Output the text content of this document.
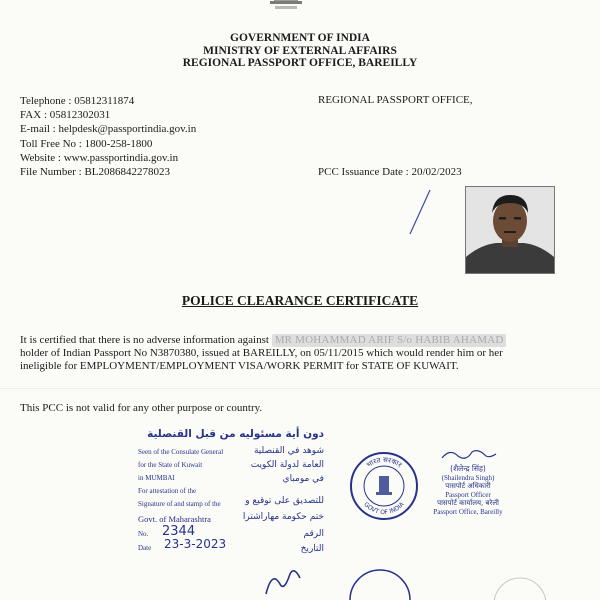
GOVERNMENT OF INDIA
MINISTRY OF EXTERNAL AFFAIRS
REGIONAL PASSPORT OFFICE, BAREILLY
Telephone : 05812311874
FAX : 05812302031
E-mail : helpdesk@passportindia.gov.in
Toll Free No : 1800-258-1800
Website : www.passportindia.gov.in
REGIONAL PASSPORT OFFICE,
File Number : BL2086842278023	PCC Issuance Date : 20/02/2023
POLICE CLEARANCE CERTIFICATE
It is certified that there is no adverse information against MR MOHAMMAD ARIF S/o HABIB AHAMAD
holder of Indian Passport No N3870380, issued at BAREILLY, on 05/11/2015 which would render him or her
ineligible for EMPLOYMENT/EMPLOYMENT VISA/WORK PERMIT for STATE OF KUWAIT.
This PCC is not valid for any other purpose or country.
دون أية مسئوليه من قبل القنصلية
Seen of the Consulate General
for the State of Kuwait
in MUMBAI
For attestation of the
Signature of and stamp of the
Govt. of Maharashtra
شوهد في القنصلية
العامة لدولة الكويت
في مومباي
للتصديق على توقيع و
ختم حكومة مهاراشترا
No. 2344
Date 23-3-2023
الرقم
التاريخ
भारत सरकार
GOVT OF INDIA
(शैलेन्द्र सिंह)
(Shailendra Singh)
पासपोर्ट अधिकारी
Passport Officer
पासपोर्ट कार्यालय, बरेली
Passport Office, Bareilly
